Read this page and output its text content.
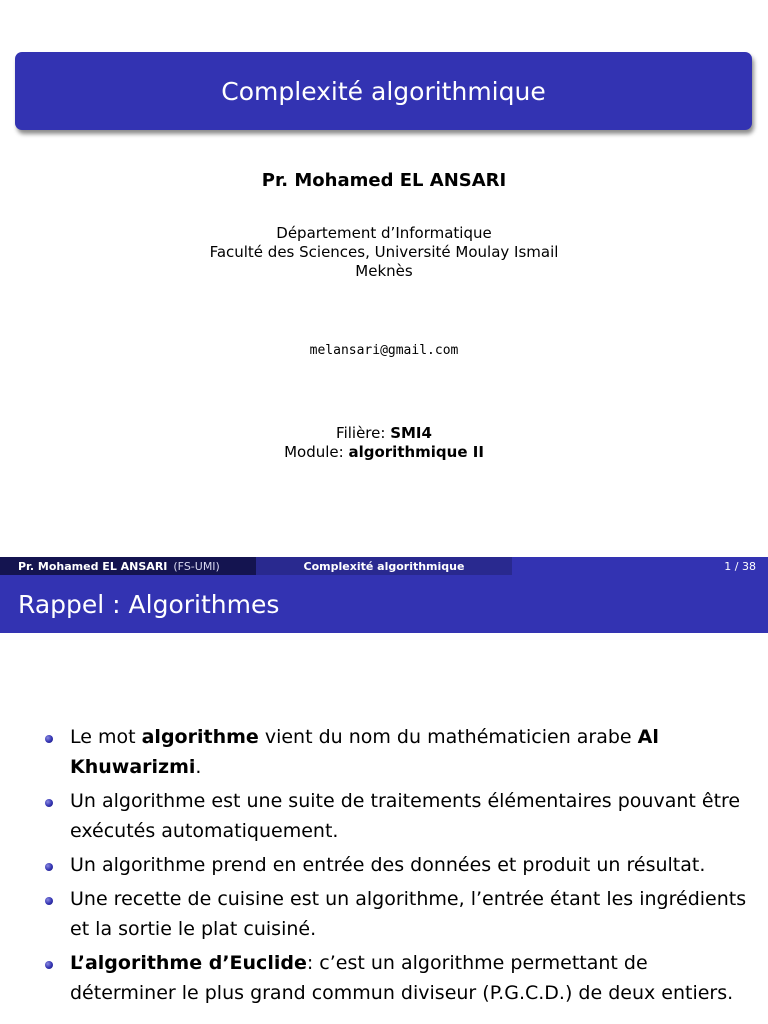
Complexité algorithmique
Pr. Mohamed EL ANSARI
Département d’Informatique
Faculté des Sciences, Université Moulay Ismail
Meknѐs
melansari@gmail.com
Filière: SMI4
Module: algorithmique II
Pr. Mohamed EL ANSARI (FS-UMI)	Complexité algorithmique	1 / 38
Rappel : Algorithmes
Le mot algorithme vient du nom du mathématicien arabe Al Khuwarizmi.
Un algorithme est une suite de traitements élémentaires pouvant être exécutés automatiquement.
Un algorithme prend en entrée des données et produit un résultat.
Une recette de cuisine est un algorithme, l’entrée étant les ingrédients et la sortie le plat cuisiné.
L’algorithme d’Euclide: c’est un algorithme permettant de déterminer le plus grand commun diviseur (P.G.C.D.) de deux entiers.
